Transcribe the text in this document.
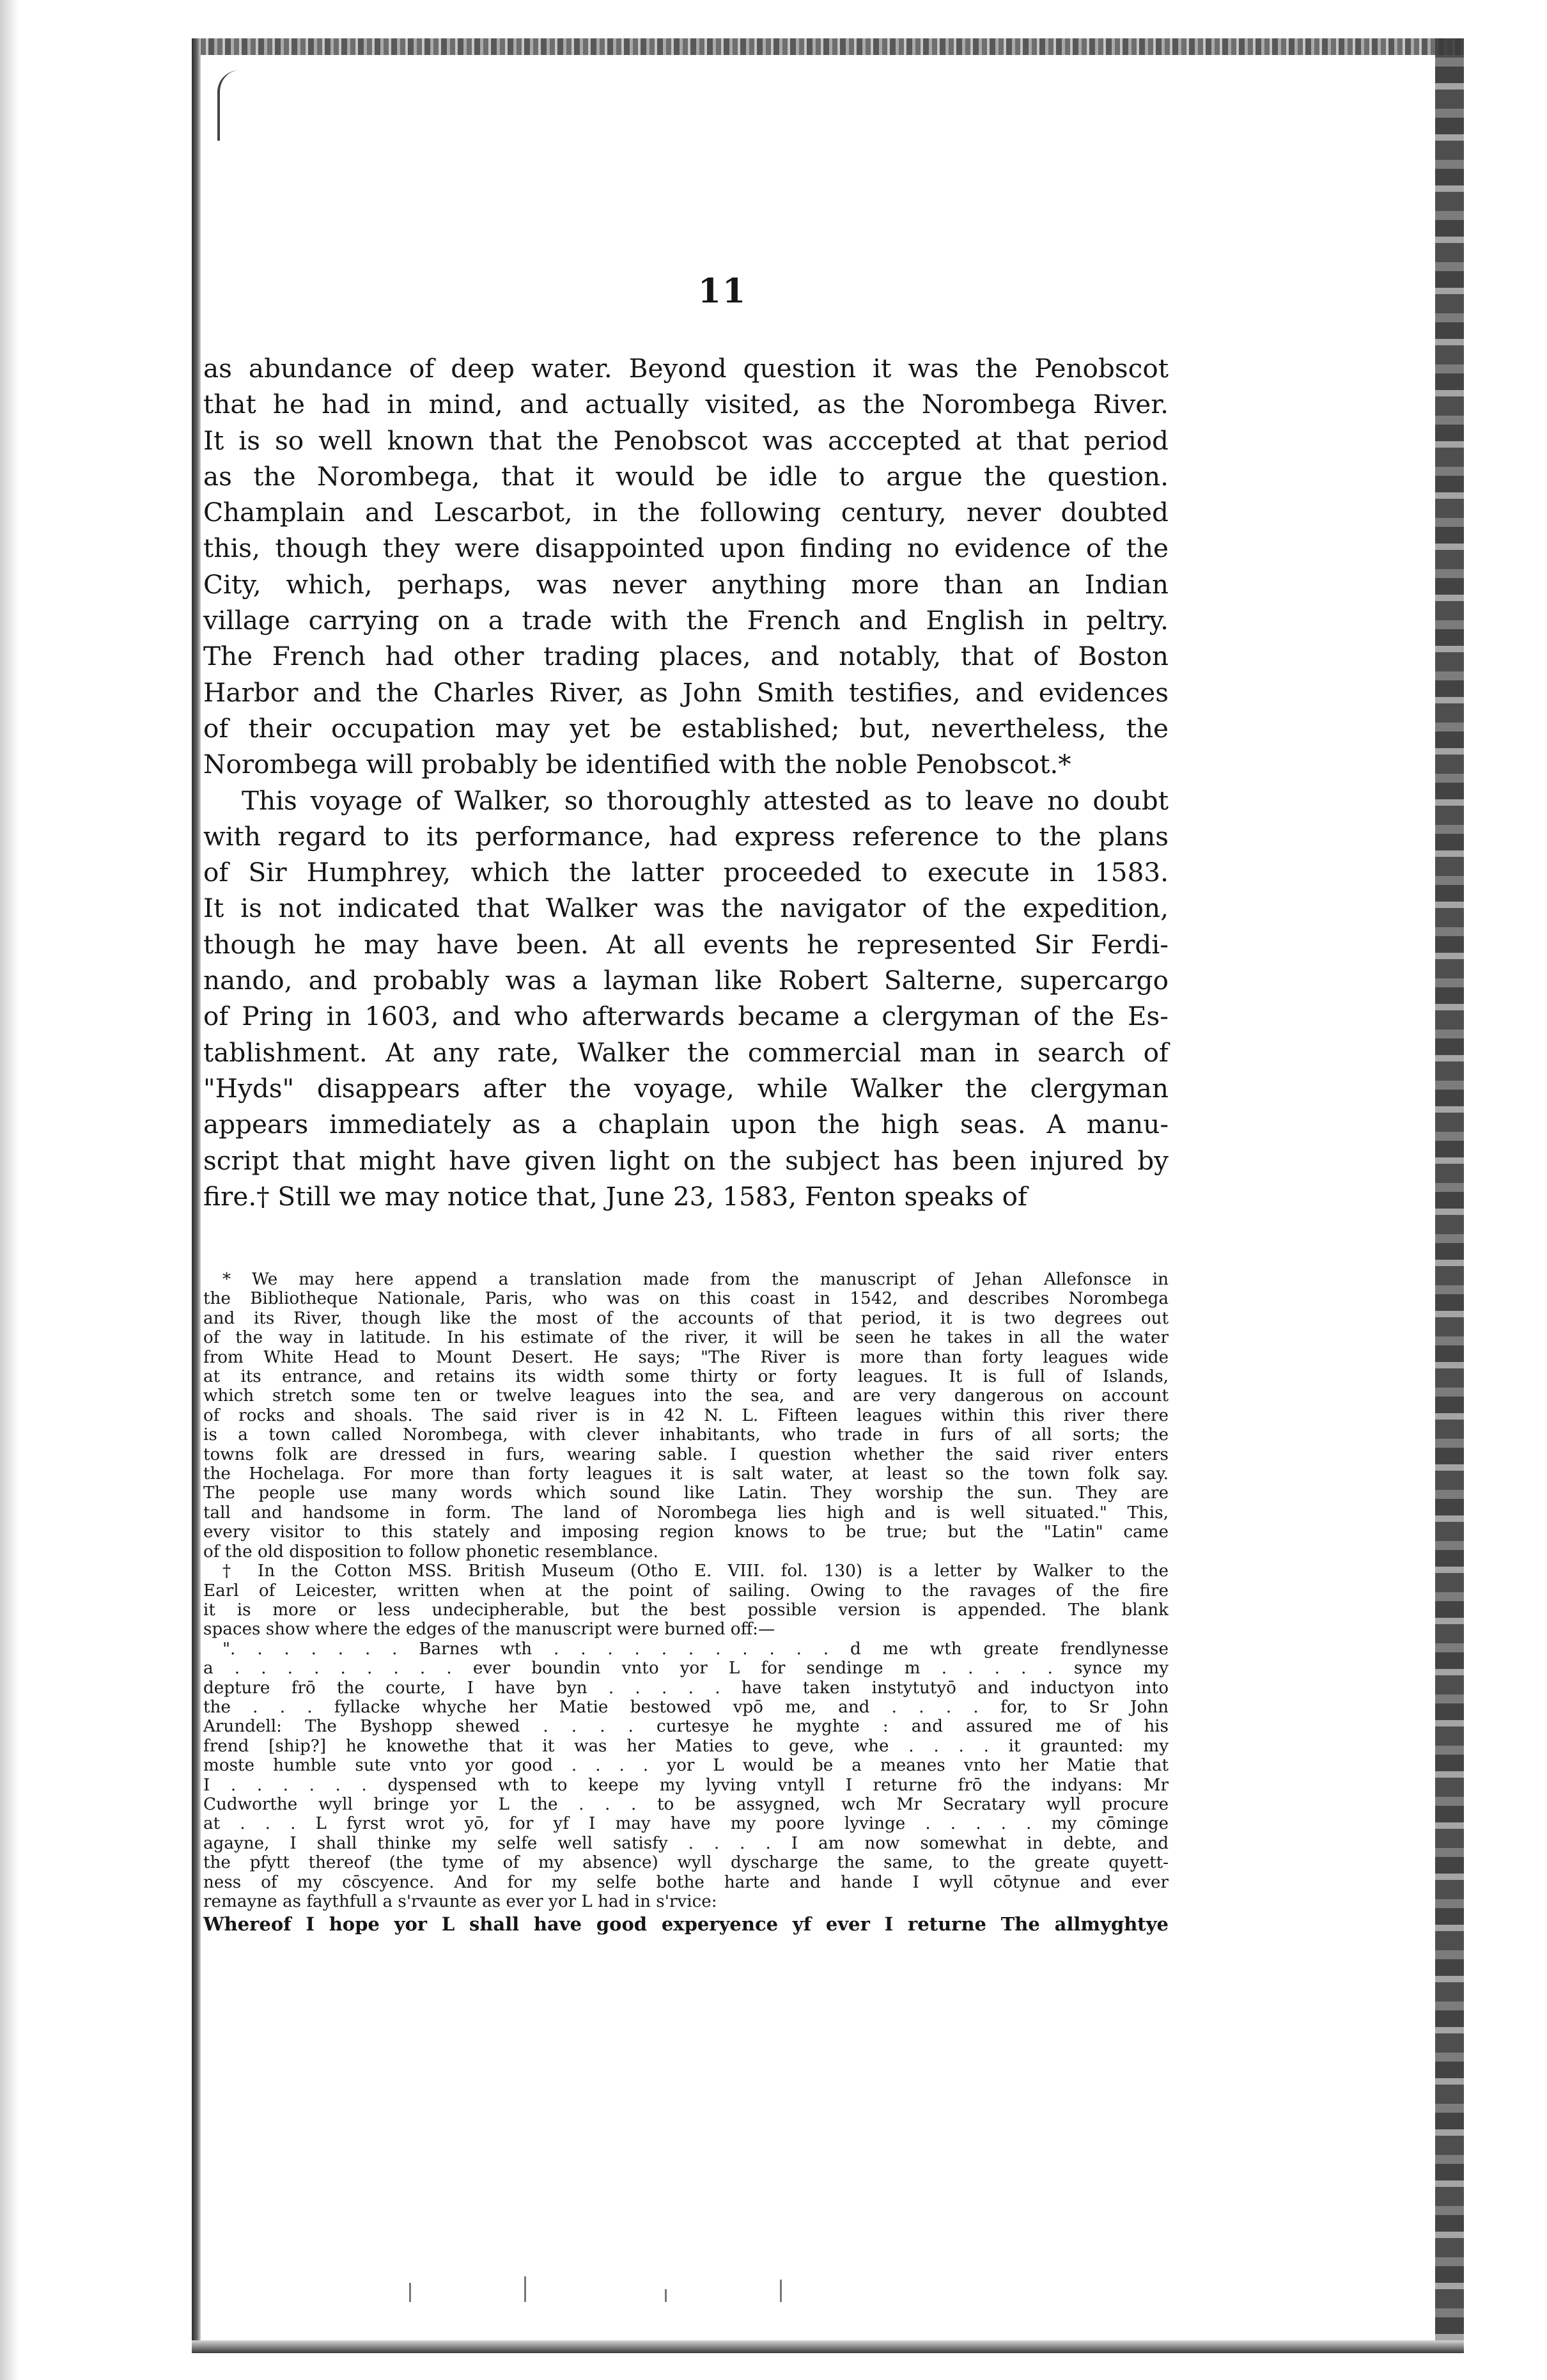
11
as abundance of deep water. Beyond question it was the Penobscot
that he had in mind, and actually visited, as the Norombega River.
It is so well known that the Penobscot was acccepted at that period
as the Norombega, that it would be idle to argue the question.
Champlain and Lescarbot, in the following century, never doubted
this, though they were disappointed upon finding no evidence of the
City, which, perhaps, was never anything more than an Indian
village carrying on a trade with the French and English in peltry.
The French had other trading places, and notably, that of Boston
Harbor and the Charles River, as John Smith testifies, and evidences
of their occupation may yet be established; but, nevertheless, the
Norombega will probably be identified with the noble Penobscot.*
This voyage of Walker, so thoroughly attested as to leave no doubt
with regard to its performance, had express reference to the plans
of Sir Humphrey, which the latter proceeded to execute in 1583.
It is not indicated that Walker was the navigator of the expedition,
though he may have been. At all events he represented Sir Ferdi-
nando, and probably was a layman like Robert Salterne, supercargo
of Pring in 1603, and who afterwards became a clergyman of the Es-
tablishment. At any rate, Walker the commercial man in search of
"Hyds" disappears after the voyage, while Walker the clergyman
appears immediately as a chaplain upon the high seas. A manu-
script that might have given light on the subject has been injured by
fire.† Still we may notice that, June 23, 1583, Fenton speaks of
* We may here append a translation made from the manuscript of Jehan Allefonsce in
the Bibliotheque Nationale, Paris, who was on this coast in 1542, and describes Norombega
and its River, though like the most of the accounts of that period, it is two degrees out
of the way in latitude. In his estimate of the river, it will be seen he takes in all the water
from White Head to Mount Desert. He says; "The River is more than forty leagues wide
at its entrance, and retains its width some thirty or forty leagues. It is full of Islands,
which stretch some ten or twelve leagues into the sea, and are very dangerous on account
of rocks and shoals. The said river is in 42 N. L. Fifteen leagues within this river there
is a town called Norombega, with clever inhabitants, who trade in furs of all sorts; the
towns folk are dressed in furs, wearing sable. I question whether the said river enters
the Hochelaga. For more than forty leagues it is salt water, at least so the town folk say.
The people use many words which sound like Latin. They worship the sun. They are
tall and handsome in form. The land of Norombega lies high and is well situated." This,
every visitor to this stately and imposing region knows to be true; but the "Latin" came
of the old disposition to follow phonetic resemblance.
† In the Cotton MSS. British Museum (Otho E. VIII. fol. 130) is a letter by Walker to the
Earl of Leicester, written when at the point of sailing. Owing to the ravages of the fire
it is more or less undecipherable, but the best possible version is appended. The blank
spaces show where the edges of the manuscript were burned off:—
". . . . . . . Barnes wth . . . . . . . . . . . d me wth greate frendlynesse
a . . . . . . . . . ever boundin vnto yor L for sendinge m . . . . . synce my
depture frō the courte, I have byn . . . . . have taken instytutyō and inductyon into
the . . . fyllacke whyche her Matie bestowed vpō me, and . . . . for, to Sr John
Arundell: The Byshopp shewed . . . . curtesye he myghte : and assured me of his
frend [ship?] he knowethe that it was her Maties to geve, whe . . . . it graunted: my
moste humble sute vnto yor good . . . . yor L would be a meanes vnto her Matie that
I . . . . . . dyspensed wth to keepe my lyving vntyll I returne frō the indyans: Mr
Cudworthe wyll bringe yor L the . . . to be assygned, wch Mr Secratary wyll procure
at . . . L fyrst wrot yō, for yf I may have my poore lyvinge . . . . . my cōminge
agayne, I shall thinke my selfe well satisfy . . . . I am now somewhat in debte, and
the pfytt thereof (the tyme of my absence) wyll dyscharge the same, to the greate quyett-
ness of my cōscyence. And for my selfe bothe harte and hande I wyll cōtynue and ever
remayne as faythfull a s'rvaunte as ever yor L had in s'rvice:
Whereof I hope yor L shall have good experyence yf ever I returne The allmyghtye
